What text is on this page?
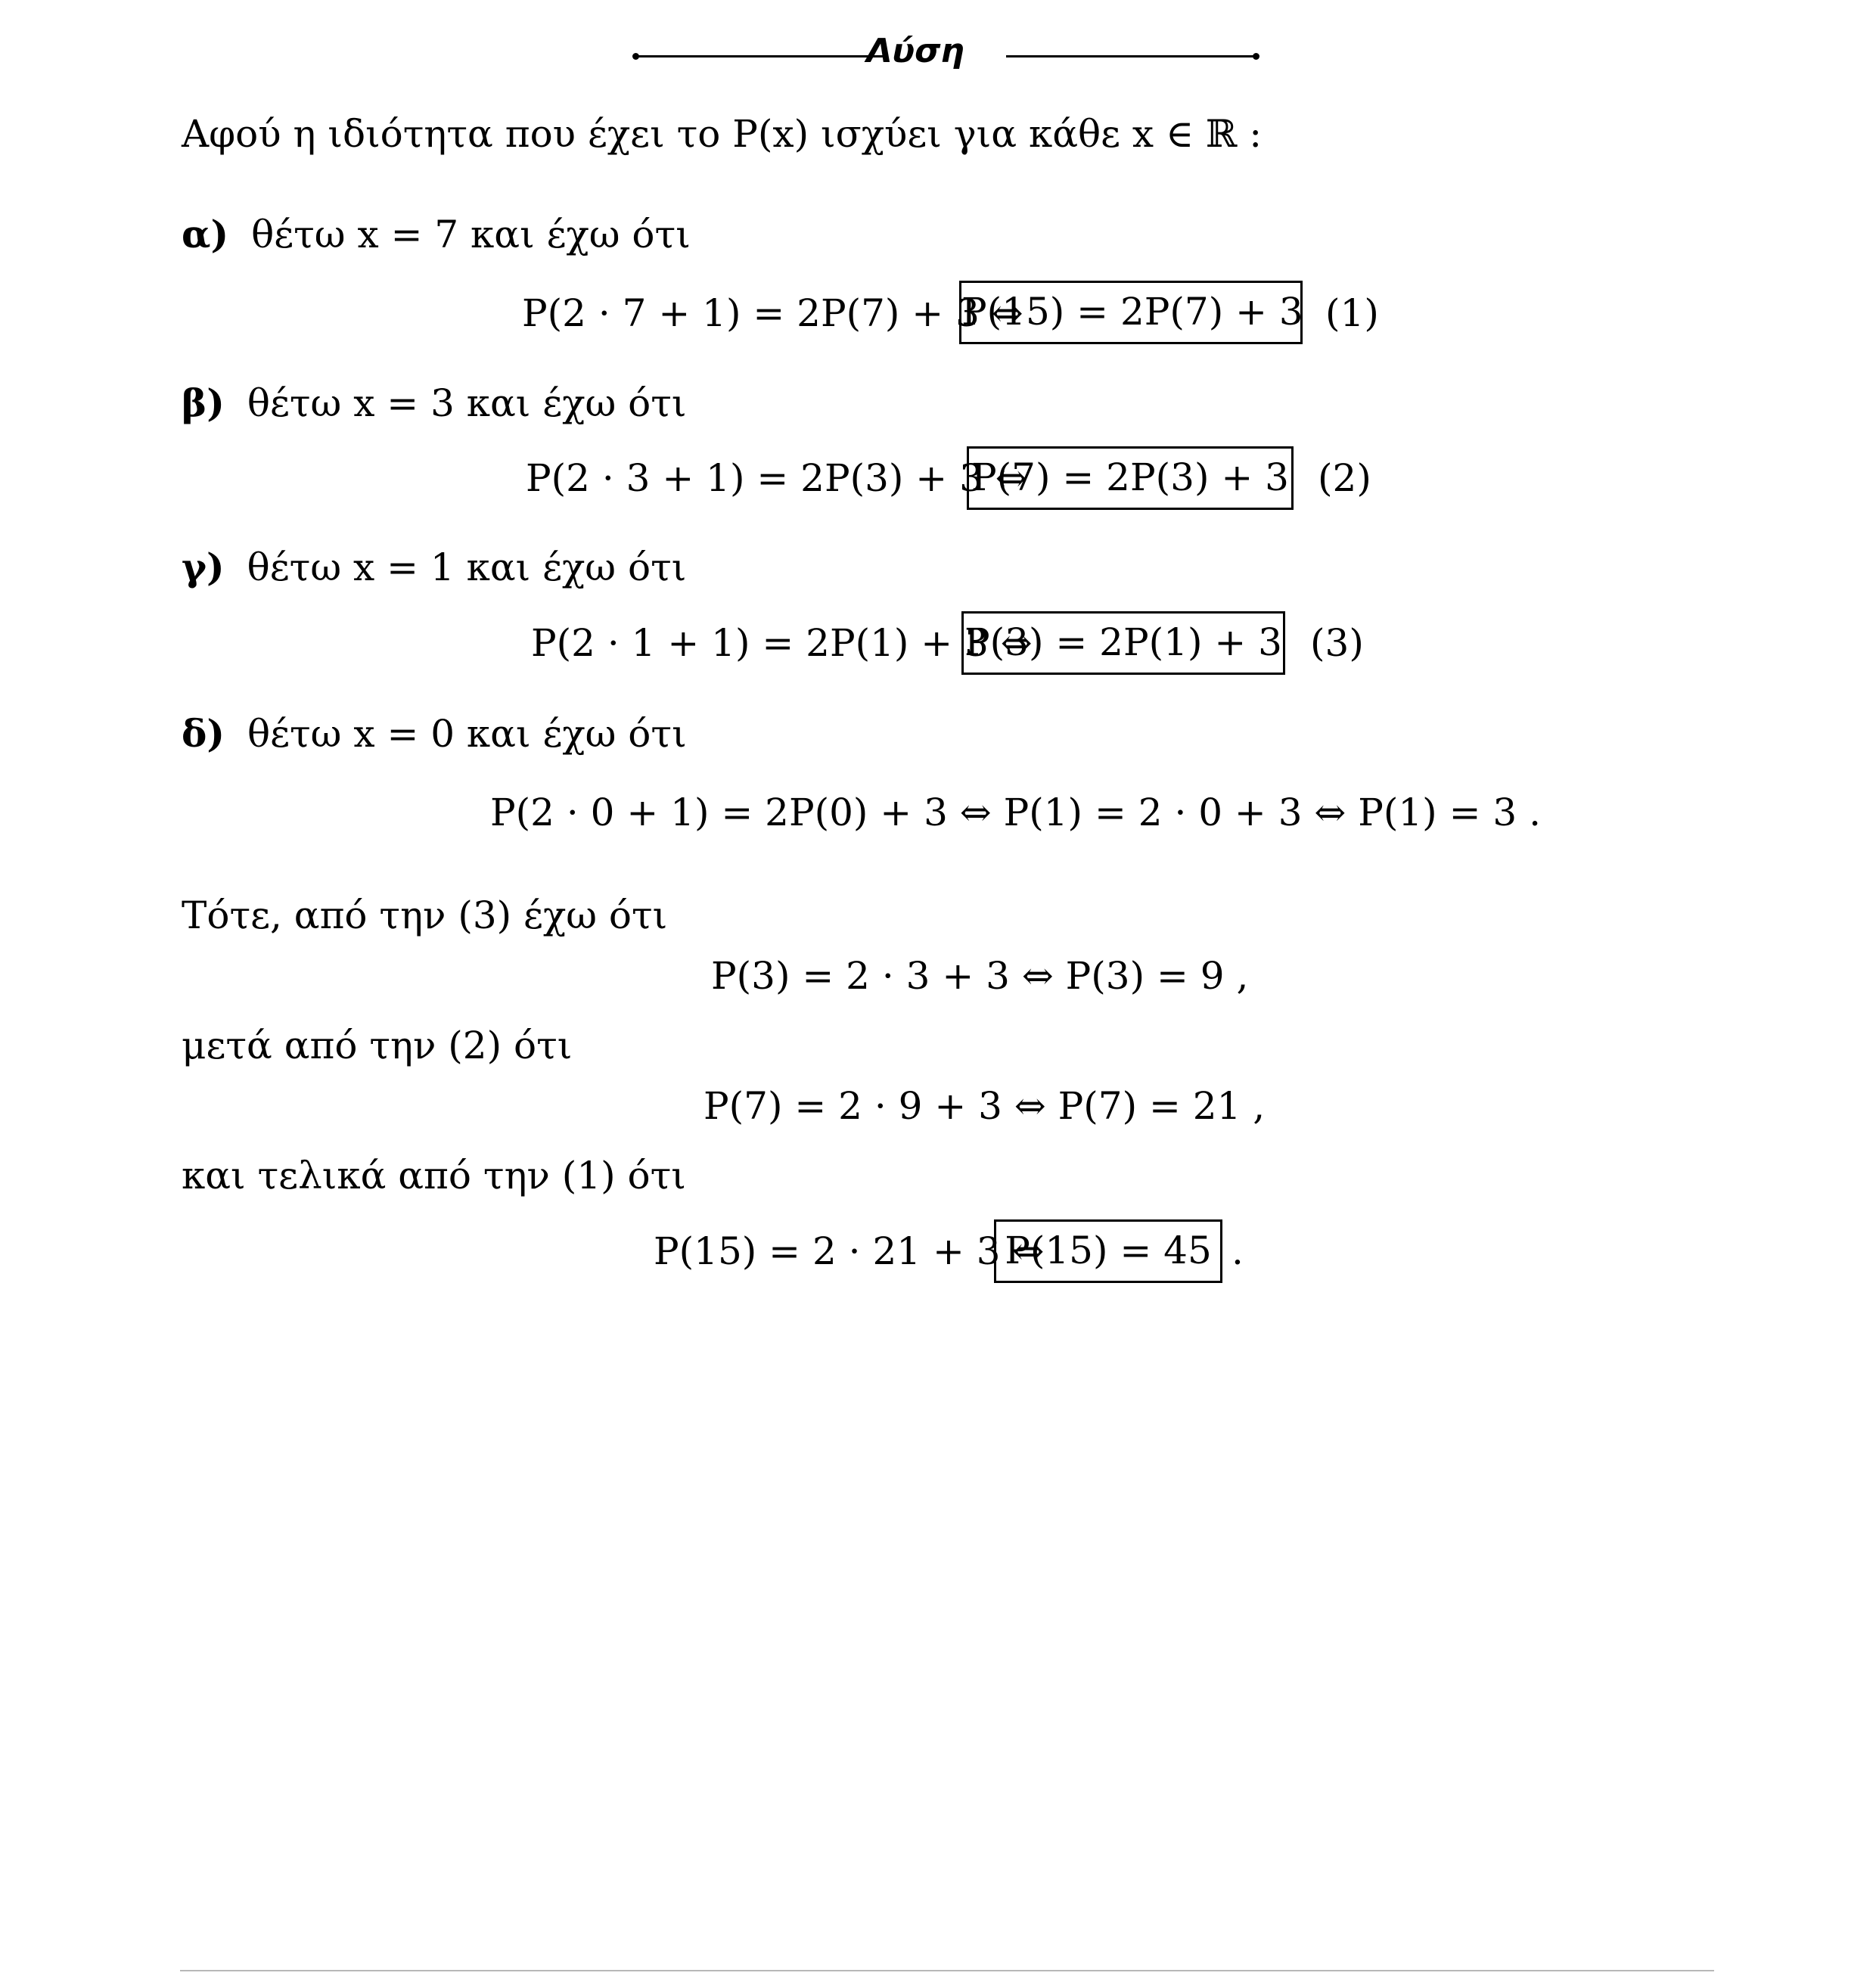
Λύση
Αφού η ιδιότητα που έχει το P(x) ισχύει για κάθε x ∈ ℝ :
α) θέτω x = 7 και έχω ότι
P(2 · 7 + 1) = 2P(7) + 3 ⇔
P(15) = 2P(7) + 3 (1)
β) θέτω x = 3 και έχω ότι
P(2 · 3 + 1) = 2P(3) + 3 ⇔
P(7) = 2P(3) + 3 (2)
γ) θέτω x = 1 και έχω ότι
P(2 · 1 + 1) = 2P(1) + 3 ⇔
P(3) = 2P(1) + 3 (3)
δ) θέτω x = 0 και έχω ότι
P(2 · 0 + 1) = 2P(0) + 3 ⇔ P(1) = 2 · 0 + 3 ⇔ P(1) = 3 .
Τότε, από την (3) έχω ότι
P(3) = 2 · 3 + 3 ⇔ P(3) = 9 ,
μετά από την (2) ότι
P(7) = 2 · 9 + 3 ⇔ P(7) = 21 ,
και τελικά από την (1) ότι
P(15) = 2 · 21 + 3 ⇔
P(15) = 45 .
